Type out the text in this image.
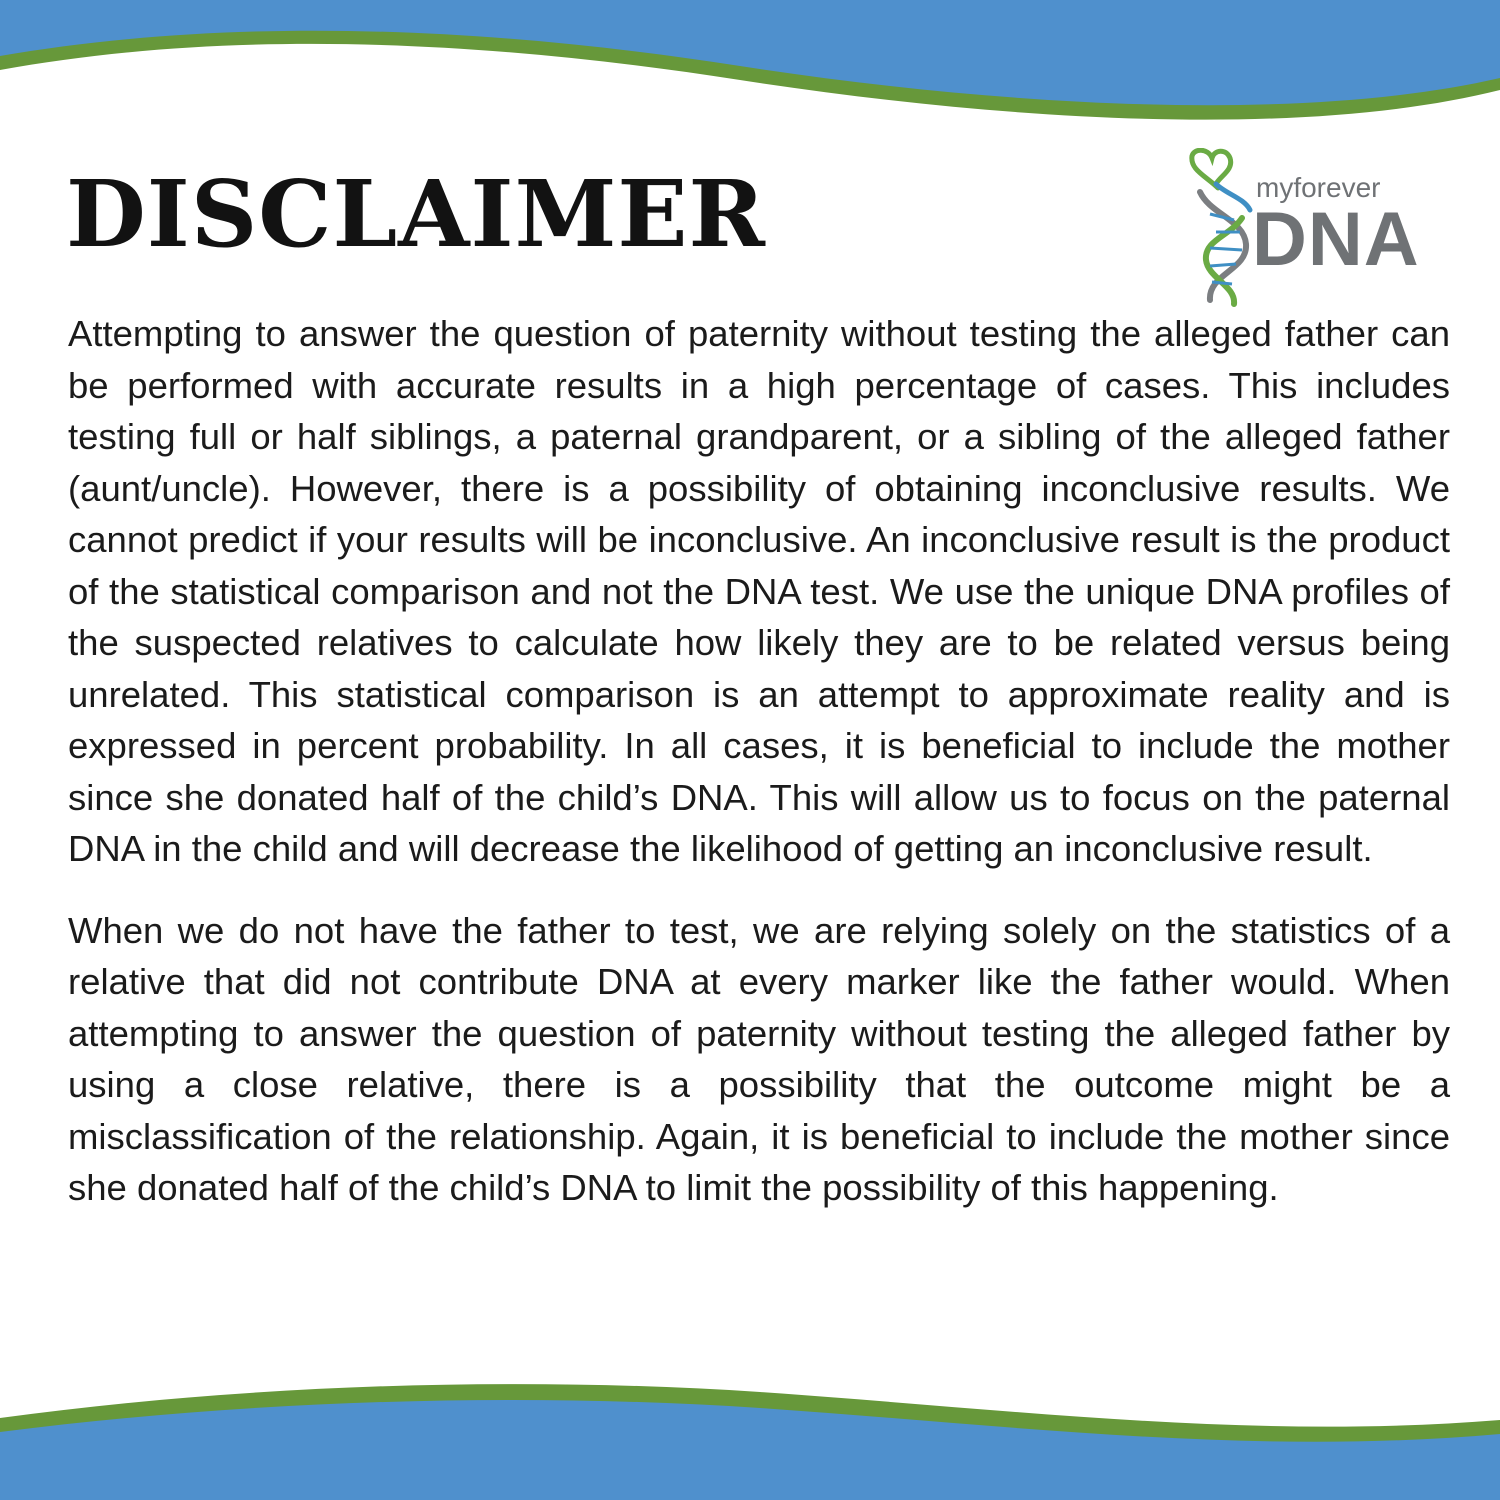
DISCLAIMER	myforever
DNA

Attempting to answer the question of paternity without testing the alleged father can be performed with accurate results in a high percentage of cases. This includes testing full or half siblings, a paternal grandparent, or a sibling of the alleged father (aunt/uncle). However, there is a possibility of obtaining inconclusive results. We cannot predict if your results will be inconclusive. An inconclusive result is the product of the statistical comparison and not the DNA test. We use the unique DNA profiles of the suspected relatives to calculate how likely they are to be related versus being unrelated. This statistical comparison is an attempt to approximate reality and is expressed in percent probability. In all cases, it is beneficial to include the mother since she donated half of the child’s DNA. This will allow us to focus on the paternal DNA in the child and will decrease the likelihood of getting an inconclusive result.

When we do not have the father to test, we are relying solely on the statistics of a relative that did not contribute DNA at every marker like the father would. When attempting to answer the question of paternity without testing the alleged father by using a close relative, there is a possibility that the outcome might be a misclassification of the relationship. Again, it is beneficial to include the mother since she donated half of the child’s DNA to limit the possibility of this happening.
